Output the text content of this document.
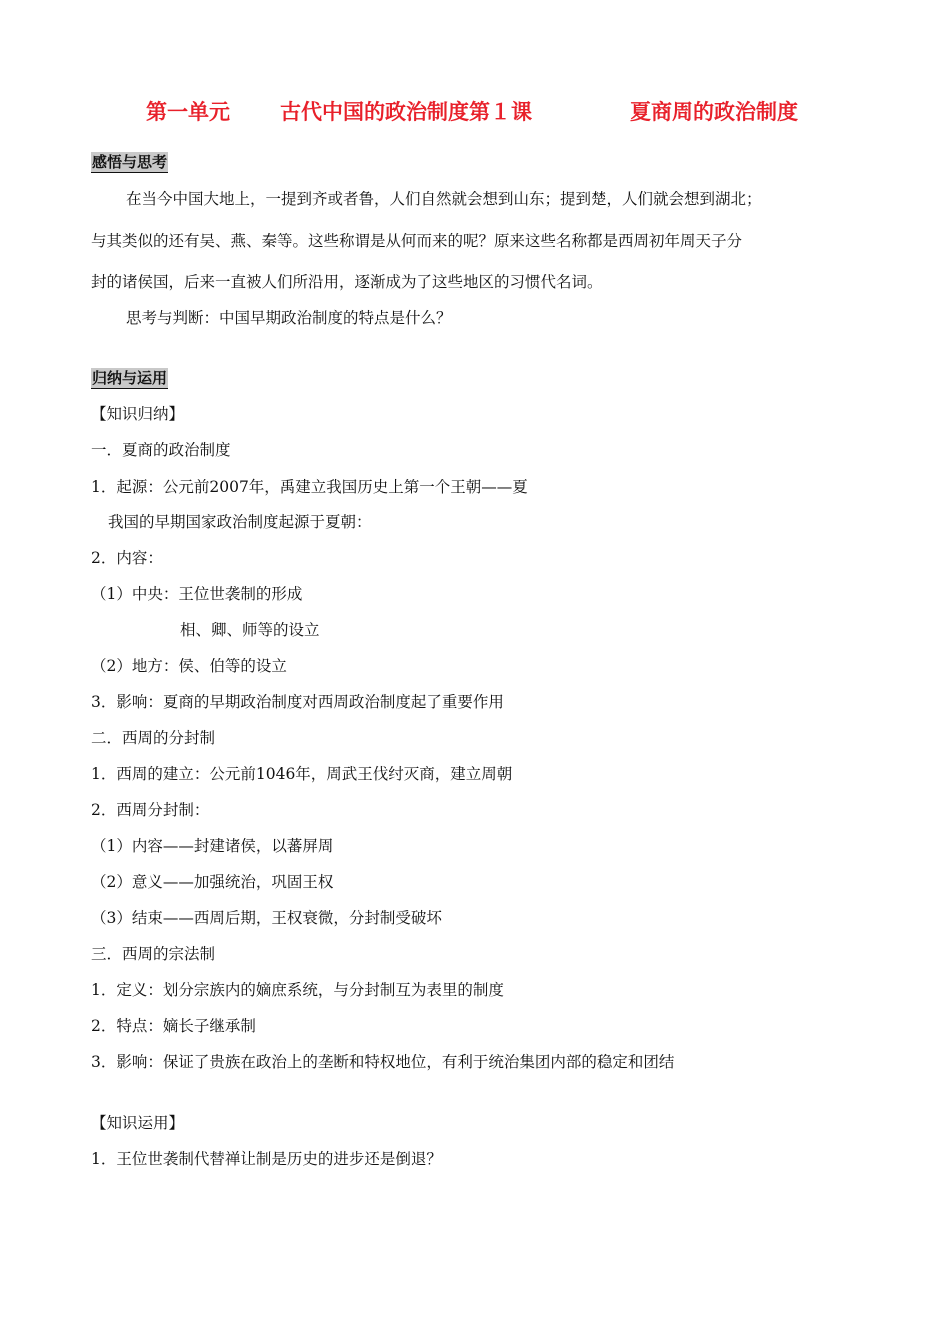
第一单元 古代中国的政治制度第１课	夏商周的政治制度
感悟与思考
在当今中国大地上，一提到齐或者鲁，人们自然就会想到山东；提到楚，人们就会想到湖北；
与其类似的还有吴、燕、秦等。这些称谓是从何而来的呢？原来这些名称都是西周初年周天子分
封的诸侯国，后来一直被人们所沿用，逐渐成为了这些地区的习惯代名词。
思考与判断：中国早期政治制度的特点是什么？
归纳与运用
【知识归纳】
一．夏商的政治制度
1．起源：公元前2007年，禹建立我国历史上第一个王朝——夏
我国的早期国家政治制度起源于夏朝：
2．内容：
（1）中央：王位世袭制的形成
相、卿、师等的设立
（2）地方：侯、伯等的设立
3．影响：夏商的早期政治制度对西周政治制度起了重要作用
二．西周的分封制
1．西周的建立：公元前1046年，周武王伐纣灭商，建立周朝
2．西周分封制：
（1）内容——封建诸侯，以蕃屏周
（2）意义——加强统治，巩固王权
（3）结束——西周后期，王权衰微，分封制受破坏
三．西周的宗法制
1．定义：划分宗族内的嫡庶系统，与分封制互为表里的制度
2．特点：嫡长子继承制
3．影响：保证了贵族在政治上的垄断和特权地位，有利于统治集团内部的稳定和团结
【知识运用】
1．王位世袭制代替禅让制是历史的进步还是倒退？
